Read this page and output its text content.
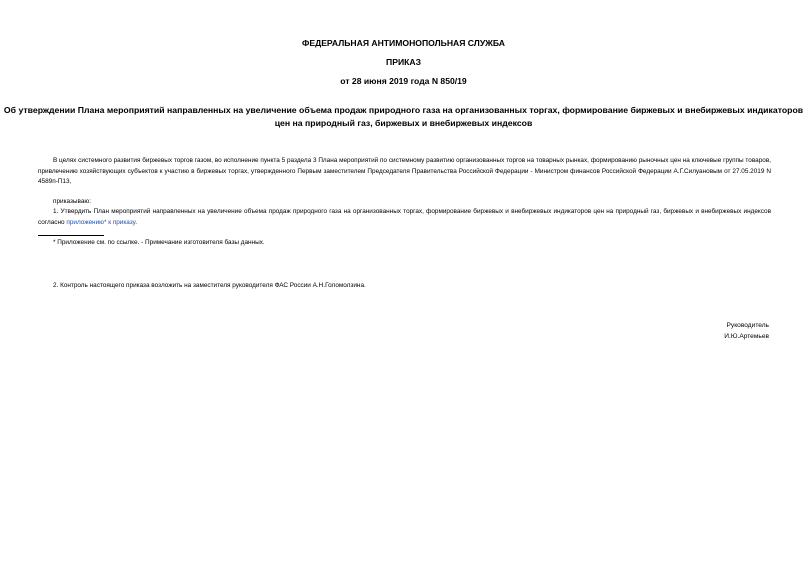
ФЕДЕРАЛЬНАЯ АНТИМОНОПОЛЬНАЯ СЛУЖБА
ПРИКАЗ
от 28 июня 2019 года N 850/19
Об утверждении Плана мероприятий направленных на увеличение объема продаж природного газа на организованных торгах, формирование биржевых и внебиржевых индикаторов цен на природный газ, биржевых и внебиржевых индексов
В целях системного развития биржевых торгов газом, во исполнение пункта 5 раздела 3 Плана мероприятий по системному развитию организованных торгов на товарных рынках, формированию рыночных цен на ключевые группы товаров, привлечению хозяйствующих субъектов к участию в биржевых торгах, утвержденного Первым заместителем Председателя Правительства Российской Федерации - Министром финансов Российской Федерации А.Г.Силуановым от 27.05.2019 N 4589п-П13,
приказываю:
1. Утвердить План мероприятий направленных на увеличение объема продаж природного газа на организованных торгах, формирование биржевых и внебиржевых индикаторов цен на природный газ, биржевых и внебиржевых индексов согласно приложению* к приказу.
* Приложение см. по ссылке. - Примечание изготовителя базы данных.
2. Контроль настоящего приказа возложить на заместителя руководителя ФАС России А.Н.Голомолзина.
Руководитель
И.Ю.Артемьев
